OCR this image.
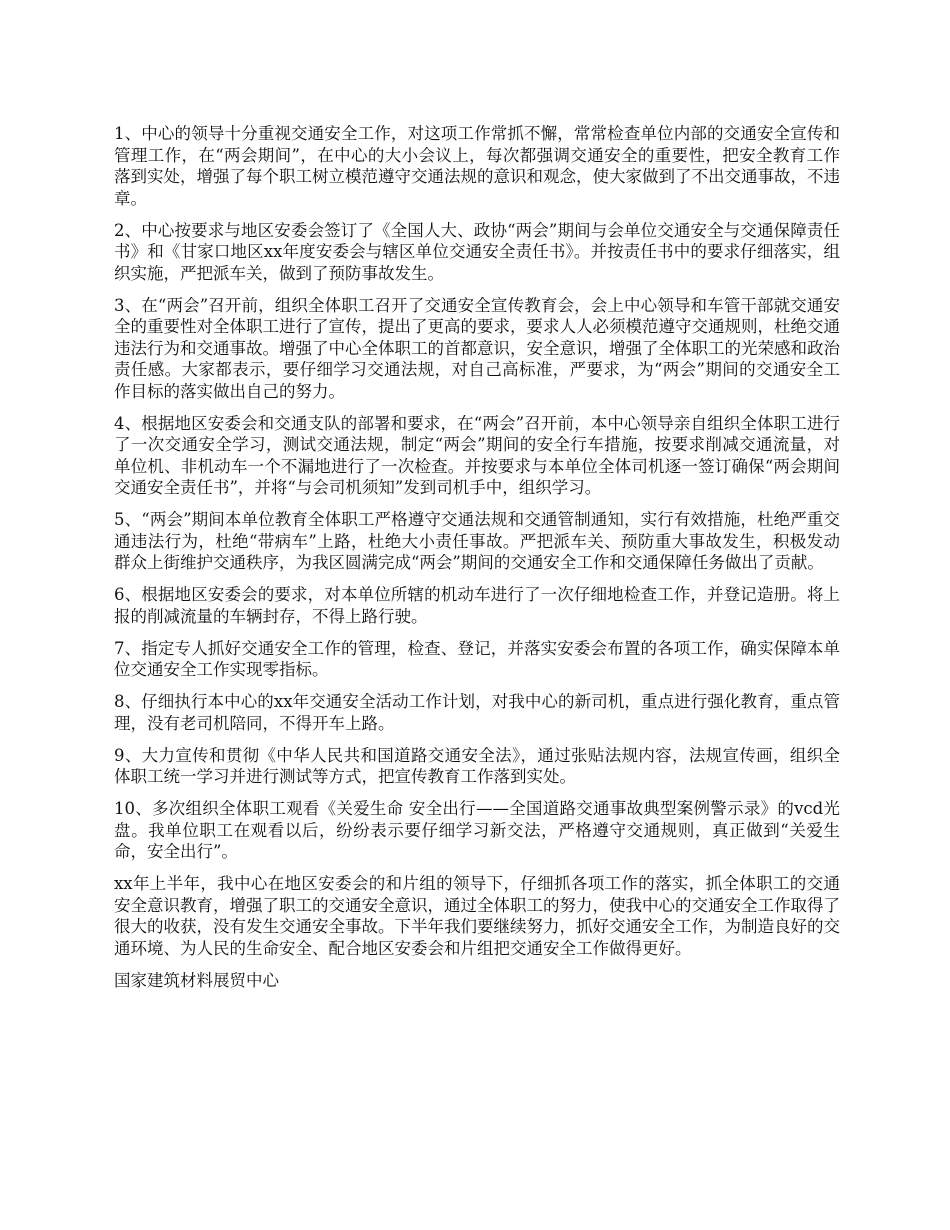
1、中心的领导十分重视交通安全工作，对这项工作常抓不懈，常常检查单位内部的交通安全宣传和管理工作，在“两会期间”，在中心的大小会议上，每次都强调交通安全的重要性，把安全教育工作落到实处，增强了每个职工树立模范遵守交通法规的意识和观念，使大家做到了不出交通事故，不违章。

2、中心按要求与地区安委会签订了《全国人大、政协“两会”期间与会单位交通安全与交通保障责任书》和《甘家口地区xx年度安委会与辖区单位交通安全责任书》。并按责任书中的要求仔细落实，组织实施，严把派车关，做到了预防事故发生。

3、在“两会”召开前，组织全体职工召开了交通安全宣传教育会，会上中心领导和车管干部就交通安全的重要性对全体职工进行了宣传，提出了更高的要求，要求人人必须模范遵守交通规则，杜绝交通违法行为和交通事故。增强了中心全体职工的首都意识，安全意识，增强了全体职工的光荣感和政治责任感。大家都表示，要仔细学习交通法规，对自己高标准，严要求，为“两会”期间的交通安全工作目标的落实做出自己的努力。

4、根据地区安委会和交通支队的部署和要求，在“两会”召开前，本中心领导亲自组织全体职工进行了一次交通安全学习，测试交通法规，制定“两会”期间的安全行车措施，按要求削减交通流量，对单位机、非机动车一个不漏地进行了一次检查。并按要求与本单位全体司机逐一签订确保“两会期间交通安全责任书”，并将“与会司机须知”发到司机手中，组织学习。

5、“两会”期间本单位教育全体职工严格遵守交通法规和交通管制通知，实行有效措施，杜绝严重交通违法行为，杜绝“带病车”上路，杜绝大小责任事故。严把派车关、预防重大事故发生，积极发动群众上街维护交通秩序，为我区圆满完成“两会”期间的交通安全工作和交通保障任务做出了贡献。

6、根据地区安委会的要求，对本单位所辖的机动车进行了一次仔细地检查工作，并登记造册。将上报的削减流量的车辆封存，不得上路行驶。

7、指定专人抓好交通安全工作的管理，检查、登记，并落实安委会布置的各项工作，确实保障本单位交通安全工作实现零指标。

8、仔细执行本中心的xx年交通安全活动工作计划，对我中心的新司机，重点进行强化教育，重点管理，没有老司机陪同，不得开车上路。

9、大力宣传和贯彻《中华人民共和国道路交通安全法》，通过张贴法规内容，法规宣传画，组织全体职工统一学习并进行测试等方式，把宣传教育工作落到实处。

10、多次组织全体职工观看《关爱生命 安全出行——全国道路交通事故典型案例警示录》的vcd光盘。我单位职工在观看以后，纷纷表示要仔细学习新交法，严格遵守交通规则，真正做到“关爱生命，安全出行”。

xx年上半年，我中心在地区安委会的和片组的领导下，仔细抓各项工作的落实，抓全体职工的交通安全意识教育，增强了职工的交通安全意识，通过全体职工的努力，使我中心的交通安全工作取得了很大的收获，没有发生交通安全事故。下半年我们要继续努力，抓好交通安全工作，为制造良好的交通环境、为人民的生命安全、配合地区安委会和片组把交通安全工作做得更好。

国家建筑材料展贸中心
